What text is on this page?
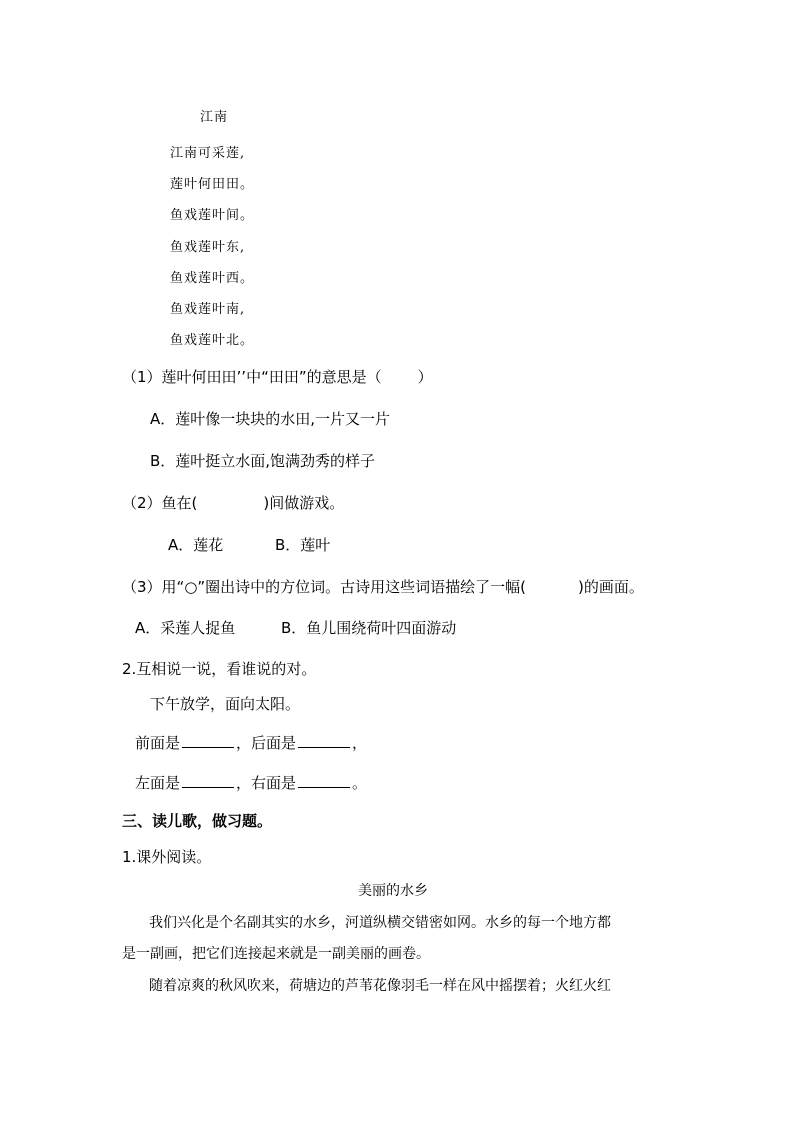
江南
江南可采莲,
莲叶何田田。
鱼戏莲叶间。
鱼戏莲叶东,
鱼戏莲叶西。
鱼戏莲叶南,
鱼戏莲叶北。
（1）莲叶何田田’’中“田田”的意思是（ ）
A．莲叶像一块块的水田,一片又一片
B．莲叶挺立水面,饱满劲秀的样子
（2）鱼在(	)间做游戏。
A．莲花	B．莲叶
（3）用“○”圈出诗中的方位词。古诗用这些词语描绘了一幅(	)的画面。
A．采莲人捉鱼	B．鱼儿围绕荷叶四面游动
2.互相说一说，看谁说的对。
下午放学，面向太阳。
前面是	，后面是	，
左面是	，右面是	。
三、读儿歌，做习题。
1.课外阅读。
美丽的水乡
我们兴化是个名副其实的水乡，河道纵横交错密如网。水乡的每一个地方都
是一副画，把它们连接起来就是一副美丽的画卷。
随着凉爽的秋风吹来，荷塘边的芦苇花像羽毛一样在风中摇摆着；火红火红
